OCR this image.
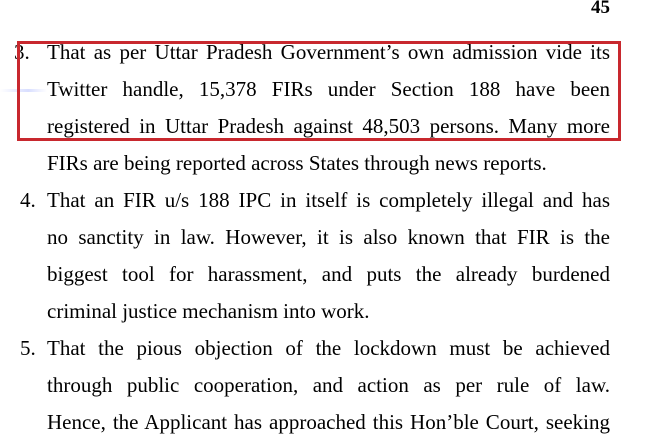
45
3. That as per Uttar Pradesh Government’s own admission vide its
Twitter handle, 15,378 FIRs under Section 188 have been
registered in Uttar Pradesh against 48,503 persons. Many more
FIRs are being reported across States through news reports.
4. That an FIR u/s 188 IPC in itself is completely illegal and has
no sanctity in law. However, it is also known that FIR is the
biggest tool for harassment, and puts the already burdened
criminal justice mechanism into work.
5. That the pious objection of the lockdown must be achieved
through public cooperation, and action as per rule of law.
Hence, the Applicant has approached this Hon’ble Court, seeking
